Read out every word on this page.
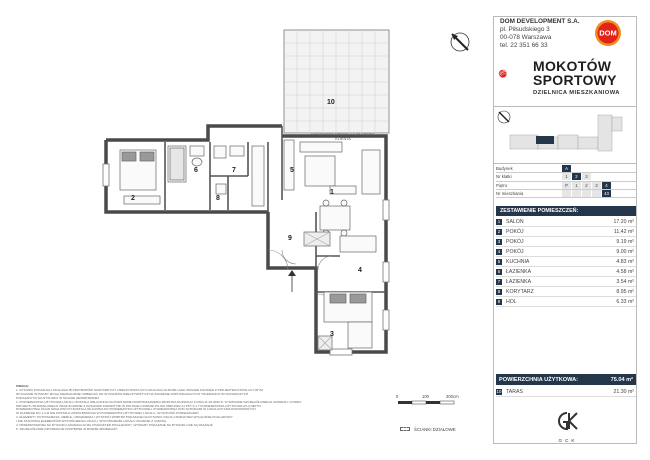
10
1
2
3
4
5
6	7
8
9
WYSOKOŚĆ STROPU W ZAKRESIE KLIENTA
DOM DEVELOPMENT S.A.
pl. Piłsudskiego 3
00-078 Warszawa
tel. 22 351 66 33
DOM
MOKOTÓW
SPORTOWY
DZIELNICA MIESZKANIOWA
Budynek	A
Nr klatki	1	2	3
Piętro	P	1	2	3	4
Nr mieszkania	43
ZESTAWIENIE POMIESZCZEŃ:
1	SALON	17.20 m²
2	POKÓJ	11.42 m²
3	POKÓJ	9.19 m²
4	POKÓJ	9.00 m²
5	KUCHNIA	4.83 m²
6	ŁAZIENKA	4.58 m²
7	ŁAZIENKA	3.54 m²
8	KORYTARZ	8.95 m²
9	HOL	6.33 m²
POWIERZCHNIA UŻYTKOWA:	75.04 m²
10 TARAS	21.30 m²
GCK
UWAGA:
1. RYSUNKI POKAZUJĄ LOKALIZACJĘ PRZYBORÓW SANITARNYCH, RZECZYWISTA ICH LOKALIZACJA MOŻE ULEC ZMIANIE ZGODNIE Z PROJEKTEM INSTALACYJNYM
WYKAZANE WYMIARY MOGĄ NIEZNACZNIE ODBIEGAĆ OD WYMIARÓW RZECZYWISTYCH W ZAKRESIE DOPUSZCZALNYCH TOLERANCJI WYKONAWCZYCH
POKAZANYCH NA RYSUNKU W ŚCIANIE ZEWNĘTRZNEJ.
2. POWIERZCHNIA UŻYTKOWA LOKALU ZOSTAŁA OBLICZONA NA PODSTAWIE ROZPORZĄDZENIA MINISTRA ROZWOJU Z DNIA 11.09.2020 R. W SPRAWIE SZCZEGÓŁOWEGO ZAKRESU I FORMY
PROJEKTU BUDOWLANEGO ORAZ ZGODNIE Z ZASADAMI ZAWARTYMI W POLSKIEJ NORMIE PN-ISO 9836:2022-11 PKT 5.1.7 POWIERZCHNIA UŻYTKOWA (PU) NETTO
POWIERZCHNIA ŚCIAN DZIAŁOWYCH ZOSTAŁA WLICZONA DO POWIERZCHNI UŻYTKOWEJ, POWIERZCHNIA POD SCHODAMI W LOKALACH DWUPOZIOMOWYCH
W ZAKRESIE DO 1,4 M NIE ZOSTAŁA UWZGLĘDNIONA W POWIERZCHNI UŻYTKOWEJ LOKALU, WYSOKOŚĆ POMIESZCZEŃ
3. ELEMENTY WYPOSAŻENIA, MEBLE, URZĄDZENIA I WYSTRÓJ WNĘTRZ POKAZANE NA RYSUNKU MAJĄ CHARAKTER WYŁĄCZNIE POGLĄDOWY
I NIE STANOWIĄ ELEMENTÓW WYKOŃCZENIA LOKALU, WYKOŃCZENIE LOKALU ZGODNIE Z UMOWĄ
4. PRZEDSTAWIONA NA RYSUNKU ARANŻACJA MA CHARAKTER POGLĄDOWY, WYMIARY POKAZANE NA RYSUNKU NIE SĄ WIĄŻĄCE
5. SZCZEGÓŁOWE INFORMACJE DOSTĘPNE W BIURZE SPRZEDAŻY
0	100	200cm
ŚCIANKI DZIAŁOWE
